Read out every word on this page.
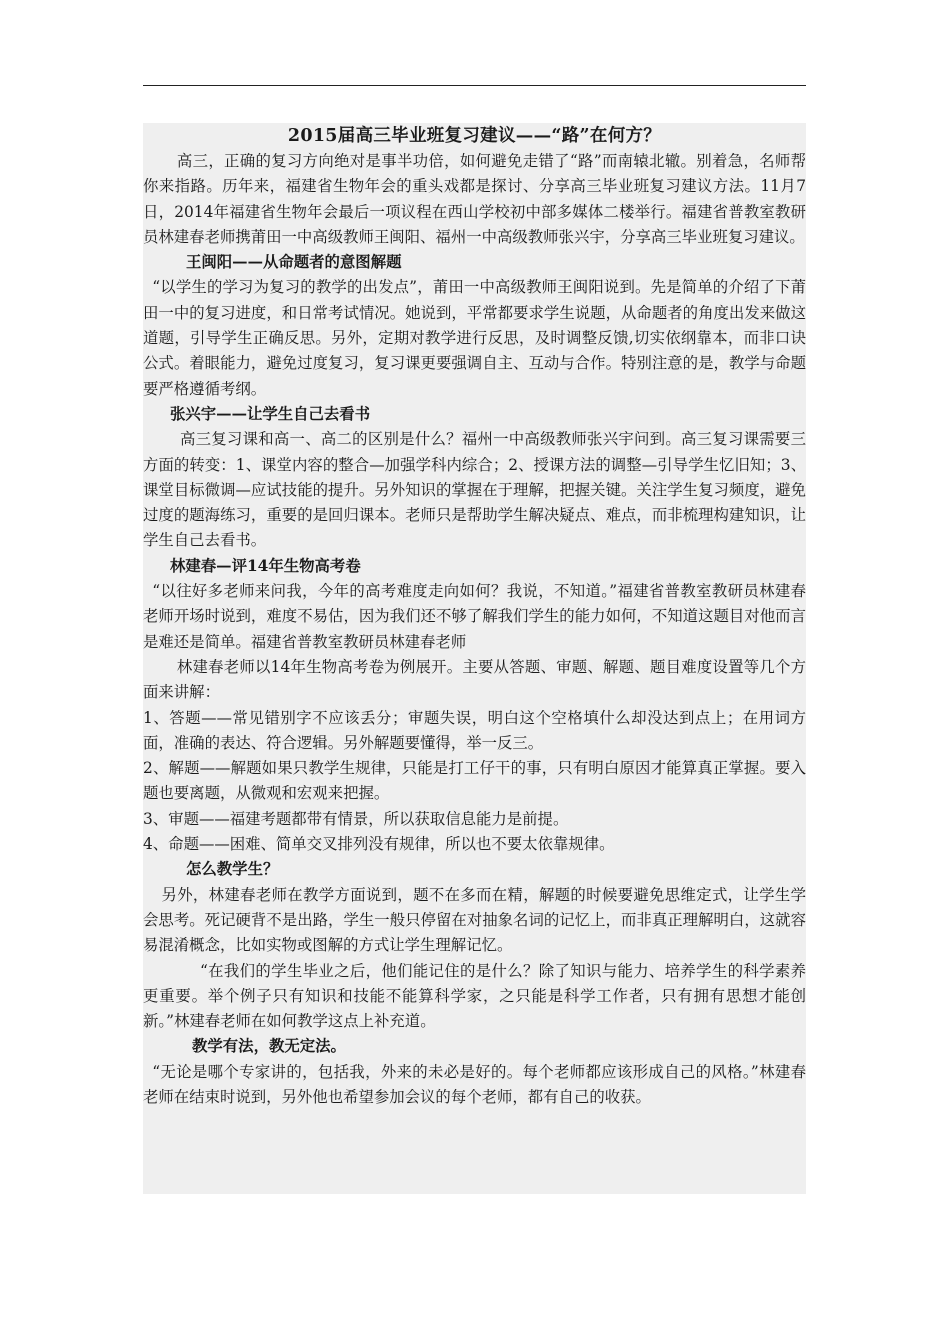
2015届高三毕业班复习建议——“路”在何方？

高三，正确的复习方向绝对是事半功倍，如何避免走错了“路”而南辕北辙。别着急，名师帮你来指路。历年来，福建省生物年会的重头戏都是探讨、分享高三毕业班复习建议方法。11月7日，2014年福建省生物年会最后一项议程在西山学校初中部多媒体二楼举行。福建省普教室教研员林建春老师携莆田一中高级教师王闽阳、福州一中高级教师张兴宇，分享高三毕业班复习建议。

王闽阳——从命题者的意图解题

“以学生的学习为复习的教学的出发点”，莆田一中高级教师王闽阳说到。先是简单的介绍了下莆田一中的复习进度，和日常考试情况。她说到，平常都要求学生说题，从命题者的角度出发来做这道题，引导学生正确反思。另外，定期对教学进行反思，及时调整反馈,切实依纲靠本，而非口诀公式。着眼能力，避免过度复习，复习课更要强调自主、互动与合作。特别注意的是，教学与命题要严格遵循考纲。

张兴宇——让学生自己去看书

高三复习课和高一、高二的区别是什么？福州一中高级教师张兴宇问到。高三复习课需要三方面的转变：1、课堂内容的整合—加强学科内综合；2、授课方法的调整—引导学生忆旧知；3、课堂目标微调—应试技能的提升。另外知识的掌握在于理解，把握关键。关注学生复习频度，避免过度的题海练习，重要的是回归课本。老师只是帮助学生解决疑点、难点，而非梳理构建知识，让学生自己去看书。

林建春—评14年生物高考卷

“以往好多老师来问我，今年的高考难度走向如何？我说，不知道。”福建省普教室教研员林建春老师开场时说到，难度不易估，因为我们还不够了解我们学生的能力如何，不知道这题目对他而言是难还是简单。福建省普教室教研员林建春老师

林建春老师以14年生物高考卷为例展开。主要从答题、审题、解题、题目难度设置等几个方面来讲解：

1、答题——常见错别字不应该丢分；审题失误，明白这个空格填什么却没达到点上；在用词方面，准确的表达、符合逻辑。另外解题要懂得，举一反三。

2、解题——解题如果只教学生规律，只能是打工仔干的事，只有明白原因才能算真正掌握。要入题也要离题，从微观和宏观来把握。

3、审题——福建考题都带有情景，所以获取信息能力是前提。

4、命题——困难、简单交叉排列没有规律，所以也不要太依靠规律。

怎么教学生？

另外，林建春老师在教学方面说到，题不在多而在精，解题的时候要避免思维定式，让学生学会思考。死记硬背不是出路，学生一般只停留在对抽象名词的记忆上，而非真正理解明白，这就容易混淆概念，比如实物或图解的方式让学生理解记忆。

“在我们的学生毕业之后，他们能记住的是什么？除了知识与能力、培养学生的科学素养更重要。举个例子只有知识和技能不能算科学家，之只能是科学工作者，只有拥有思想才能创新。”林建春老师在如何教学这点上补充道。

教学有法，教无定法。

“无论是哪个专家讲的，包括我，外来的未必是好的。每个老师都应该形成自己的风格。”林建春老师在结束时说到，另外他也希望参加会议的每个老师，都有自己的收获。
